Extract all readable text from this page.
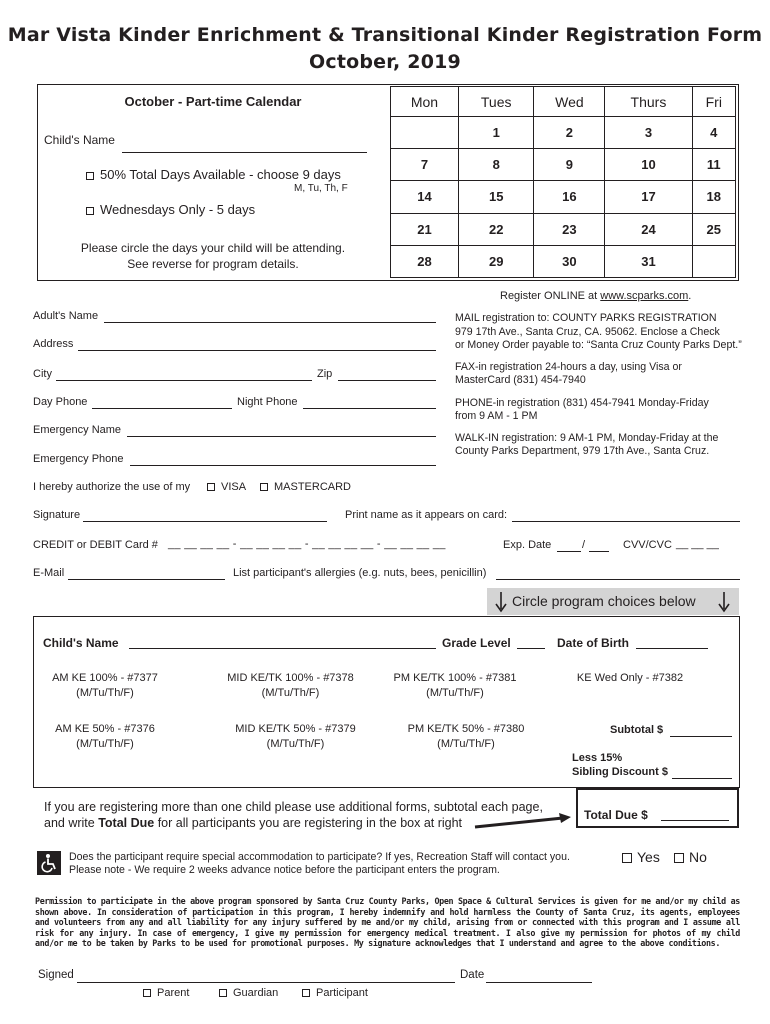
Mar Vista Kinder Enrichment & Transitional Kinder Registration Form
October, 2019
October - Part-time Calendar
Child's Name
50% Total Days Available - choose 9 days
M, Tu, Th, F
Wednesdays Only - 5 days
Please circle the days your child will be attending.
See reverse for program details.
Mon	Tues	Wed	Thurs	Fri
	1	2	3	4
7	8	9	10	11
14	15	16	17	18
21	22	23	24	25
28	29	30	31	
Register ONLINE at www.scparks.com.
Adult's Name
Address
City	Zip
Day Phone	Night Phone
Emergency Name
Emergency Phone
MAIL registration to: COUNTY PARKS REGISTRATION
979 17th Ave., Santa Cruz, CA. 95062. Enclose a Check
or Money Order payable to: “Santa Cruz County Parks Dept.”
FAX-in registration 24-hours a day, using Visa or
MasterCard (831) 454-7940
PHONE-in registration (831) 454-7941 Monday-Friday
from 9 AM - 1 PM
WALK-IN registration: 9 AM-1 PM, Monday-Friday at the
County Parks Department, 979 17th Ave., Santa Cruz.
I hereby authorize the use of my	VISA	MASTERCARD
Signature	Print name as it appears on card:
CREDIT or DEBIT Card # __ __ __ __ - __ __ __ __ - __ __ __ __ - __ __ __ __	Exp. Date	/	CVV/CVC __ __ __
E-Mail	List participant's allergies (e.g. nuts, bees, penicillin)
Circle program choices below
Child's Name	Grade Level	Date of Birth
AM KE 100% - #7377
(M/Tu/Th/F)
MID KE/TK 100% - #7378
(M/Tu/Th/F)
PM KE/TK 100% - #7381
(M/Tu/Th/F)
KE Wed Only - #7382
AM KE 50% - #7376
(M/Tu/Th/F)
MID KE/TK 50% - #7379
(M/Tu/Th/F)
PM KE/TK 50% - #7380
(M/Tu/Th/F)
Subtotal $
Less 15%
Sibling Discount $
If you are registering more than one child please use additional forms, subtotal each page,
and write Total Due for all participants you are registering in the box at right
Total Due $
Does the participant require special accommodation to participate? If yes, Recreation Staff will contact you.
Please note - We require 2 weeks advance notice before the participant enters the program.
Yes	No
Permission to participate in the above program sponsored by Santa Cruz County Parks, Open Space & Cultural Services is given for me and/or my child as shown above. In consideration of participation in this program, I hereby indemnify and hold harmless the County of Santa Cruz, its agents, employees and volunteers from any and all liability for any injury suffered by me and/or my child, arising from or connected with this program and I assume all risk for any injury. In case of emergency, I give my permission for emergency medical treatment. I also give my permission for photos of my child and/or me to be taken by Parks to be used for promotional purposes. My signature acknowledges that I understand and agree to the above conditions.
Signed	Date
Parent	Guardian	Participant
